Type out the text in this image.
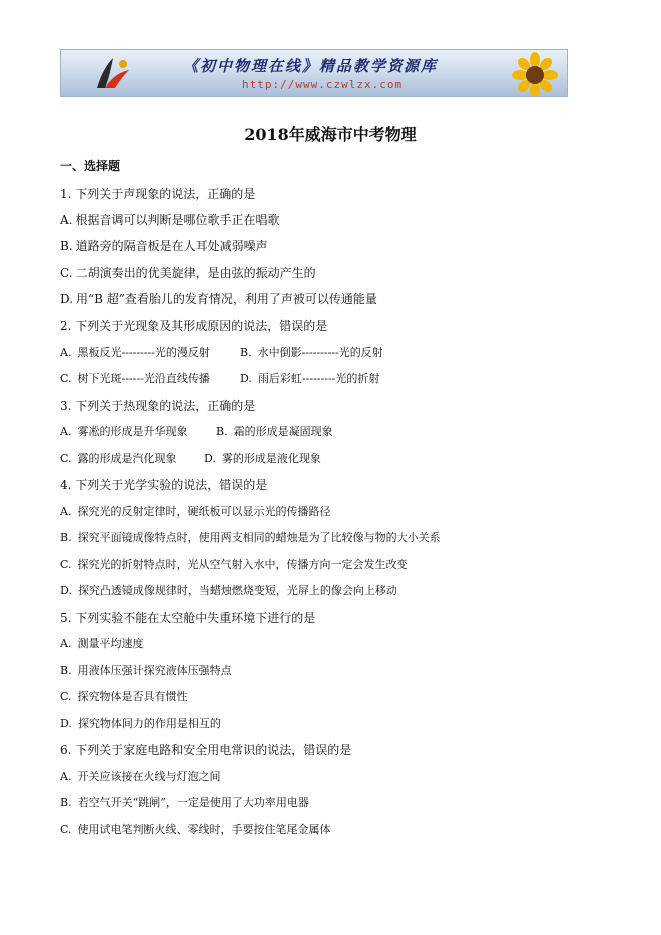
《初中物理在线》精品教学资源库
http://www.czwlzx.com
2018年威海市中考物理
一、选择题
1. 下列关于声现象的说法，正确的是
A. 根据音调可以判断是哪位歌手正在唱歌
B. 道路旁的隔音板是在人耳处减弱噪声
C. 二胡演奏出的优美旋律，是由弦的振动产生的
D. 用“B 超”查看胎儿的发育情况，利用了声被可以传通能量
2. 下列关于光现象及其形成原因的说法，错误的是
A. 黑板反光---------光的漫反射	B. 水中倒影----------光的反射
C. 树下光斑------光沿直线传播	D. 雨后彩虹---------光的折射
3. 下列关于热现象的说法，正确的是
A. 雾凇的形成是升华现象	B. 霜的形成是凝固现象
C. 露的形成是汽化现象 D. 雾的形成是液化现象
4. 下列关于光学实验的说法，错误的是
A. 探究光的反射定律时，硬纸板可以显示光的传播路径
B. 探究平面镜成像特点时，使用两支相同的蜡烛是为了比较像与物的大小关系
C. 探究光的折射特点时，光从空气射入水中，传播方向一定会发生改变
D. 探究凸透镜成像规律时，当蜡烛燃烧变短，光屏上的像会向上移动
5. 下列实验不能在太空舱中失重环境下进行的是
A. 测量平均速度
B. 用液体压强计探究液体压强特点
C. 探究物体是否具有惯性
D. 探究物体间力的作用是相互的
6. 下列关于家庭电路和安全用电常识的说法，错误的是
A. 开关应该接在火线与灯泡之间
B. 若空气开关“跳闸”，一定是使用了大功率用电器
C. 使用试电笔判断火线、零线时，手要按住笔尾金属体
